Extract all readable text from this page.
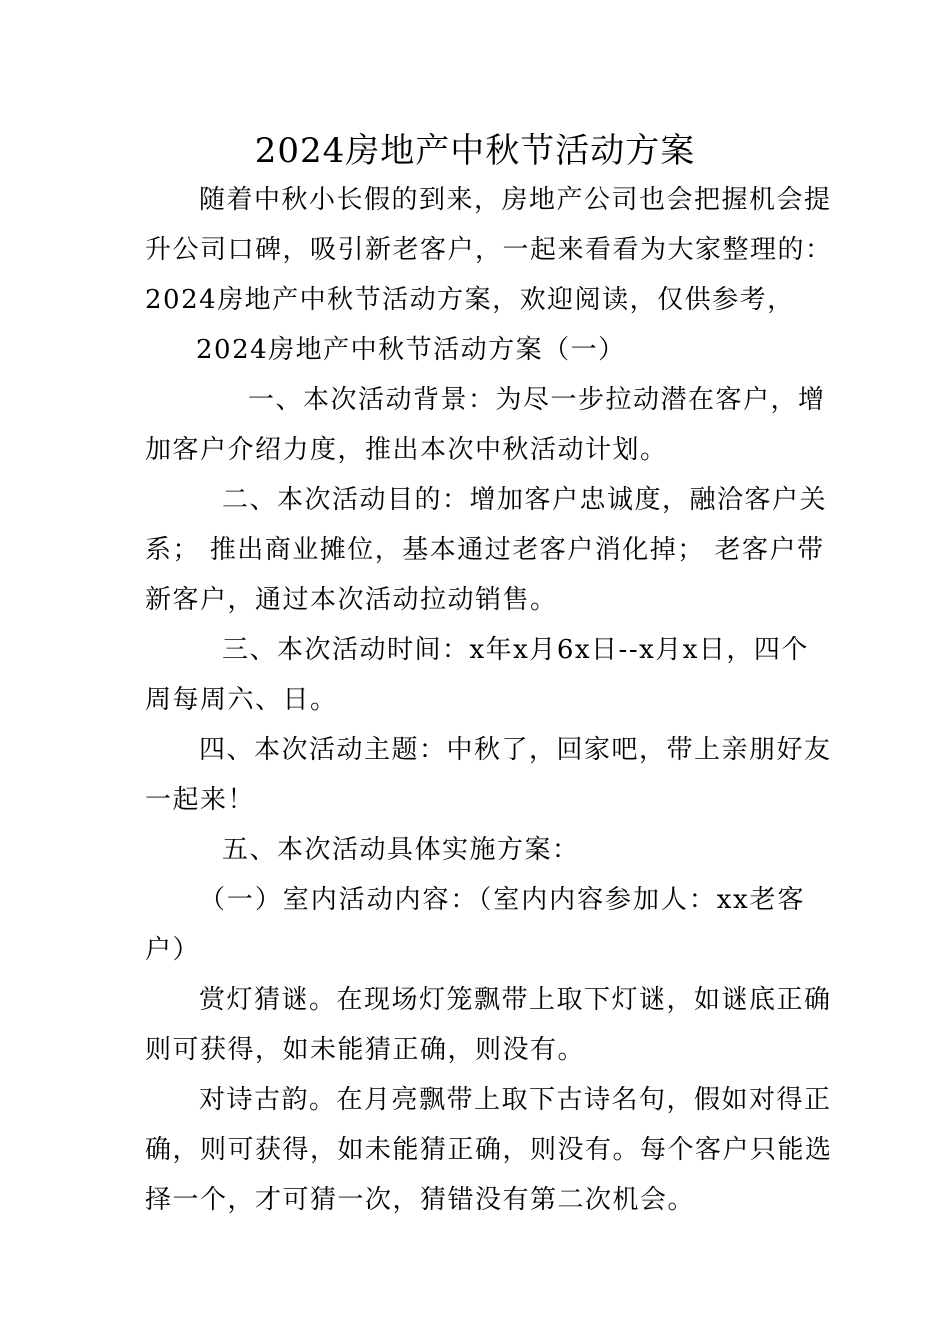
2024房地产中秋节活动方案
随着中秋小长假的到来，房地产公司也会把握机会提
升公司口碑，吸引新老客户，一起来看看为大家整理的：
2024房地产中秋节活动方案，欢迎阅读，仅供参考，
2024房地产中秋节活动方案（一）
一、本次活动背景：为尽一步拉动潜在客户，增
加客户介绍力度，推出本次中秋活动计划。
二、本次活动目的：增加客户忠诚度，融洽客户关
系； 推出商业摊位，基本通过老客户消化掉； 老客户带
新客户，通过本次活动拉动销售。
三、本次活动时间：x年x月6x日--x月x日，四个
周每周六、日。
四、本次活动主题：中秋了，回家吧，带上亲朋好友
一起来！
五、本次活动具体实施方案：
（一）室内活动内容：（室内内容参加人：xx老客
户）
赏灯猜谜。在现场灯笼飘带上取下灯谜，如谜底正确
则可获得，如未能猜正确，则没有。
对诗古韵。在月亮飘带上取下古诗名句，假如对得正
确，则可获得，如未能猜正确，则没有。每个客户只能选
择一个，才可猜一次，猜错没有第二次机会。
